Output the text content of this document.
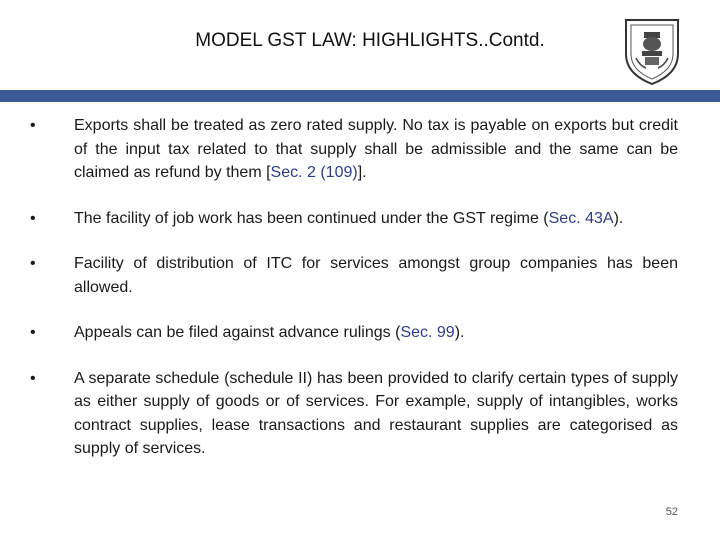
MODEL GST LAW: HIGHLIGHTS..Contd.
•	Exports shall be treated as zero rated supply. No tax is payable on exports but credit of the input tax related to that supply shall be admissible and the same can be claimed as refund by them [Sec. 2 (109)].
•	The facility of job work has been continued under the GST regime (Sec. 43A).
•	Facility of distribution of ITC for services amongst group companies has been allowed.
•	Appeals can be filed against advance rulings (Sec. 99).
•	A separate schedule (schedule II) has been provided to clarify certain types of supply as either supply of goods or of services. For example, supply of intangibles, works contract supplies, lease transactions and restaurant supplies are categorised as supply of services.
52
